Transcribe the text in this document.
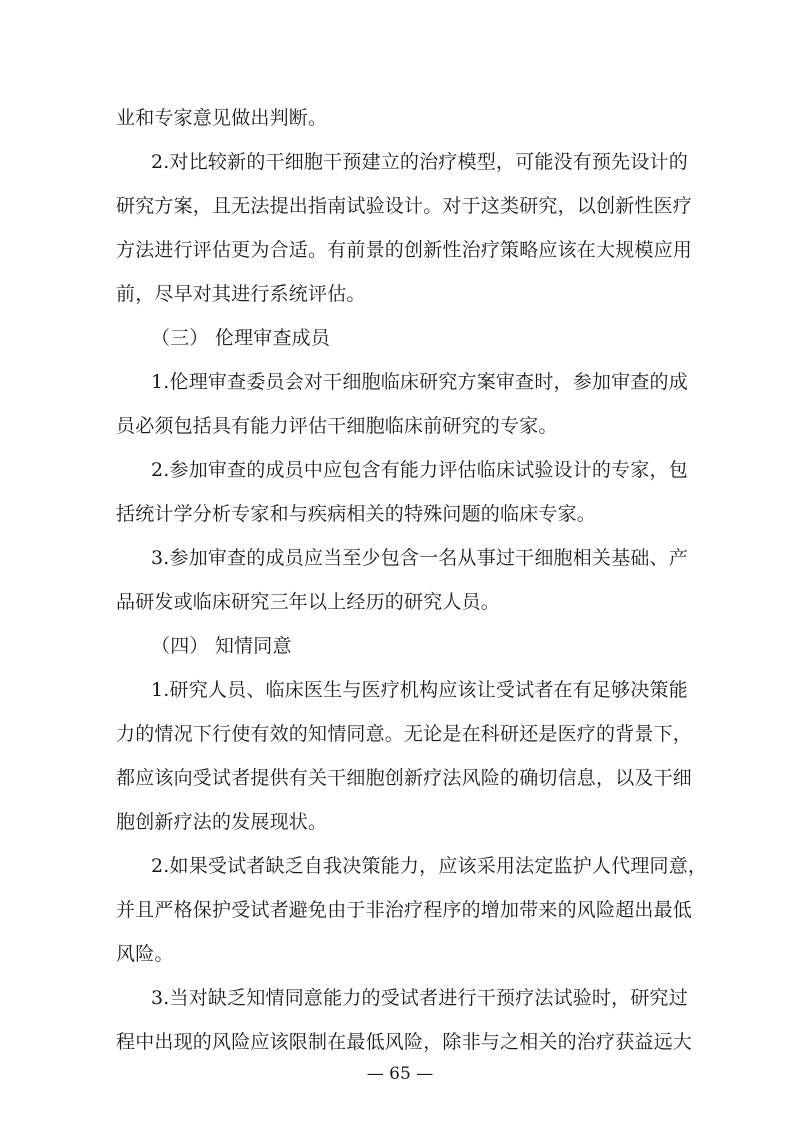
业和专家意见做出判断。
2.对比较新的干细胞干预建立的治疗模型，可能没有预先设计的
研究方案，且无法提出指南试验设计。对于这类研究，以创新性医疗
方法进行评估更为合适。有前景的创新性治疗策略应该在大规模应用
前，尽早对其进行系统评估。
（三） 伦理审查成员
1.伦理审查委员会对干细胞临床研究方案审查时，参加审查的成
员必须包括具有能力评估干细胞临床前研究的专家。
2.参加审查的成员中应包含有能力评估临床试验设计的专家，包
括统计学分析专家和与疾病相关的特殊问题的临床专家。
3.参加审查的成员应当至少包含一名从事过干细胞相关基础、产
品研发或临床研究三年以上经历的研究人员。
（四） 知情同意
1.研究人员、临床医生与医疗机构应该让受试者在有足够决策能
力的情况下行使有效的知情同意。无论是在科研还是医疗的背景下，
都应该向受试者提供有关干细胞创新疗法风险的确切信息，以及干细
胞创新疗法的发展现状。
2.如果受试者缺乏自我决策能力，应该采用法定监护人代理同意，
并且严格保护受试者避免由于非治疗程序的增加带来的风险超出最低
风险。
3.当对缺乏知情同意能力的受试者进行干预疗法试验时，研究过
程中出现的风险应该限制在最低风险，除非与之相关的治疗获益远大
— 65 —
